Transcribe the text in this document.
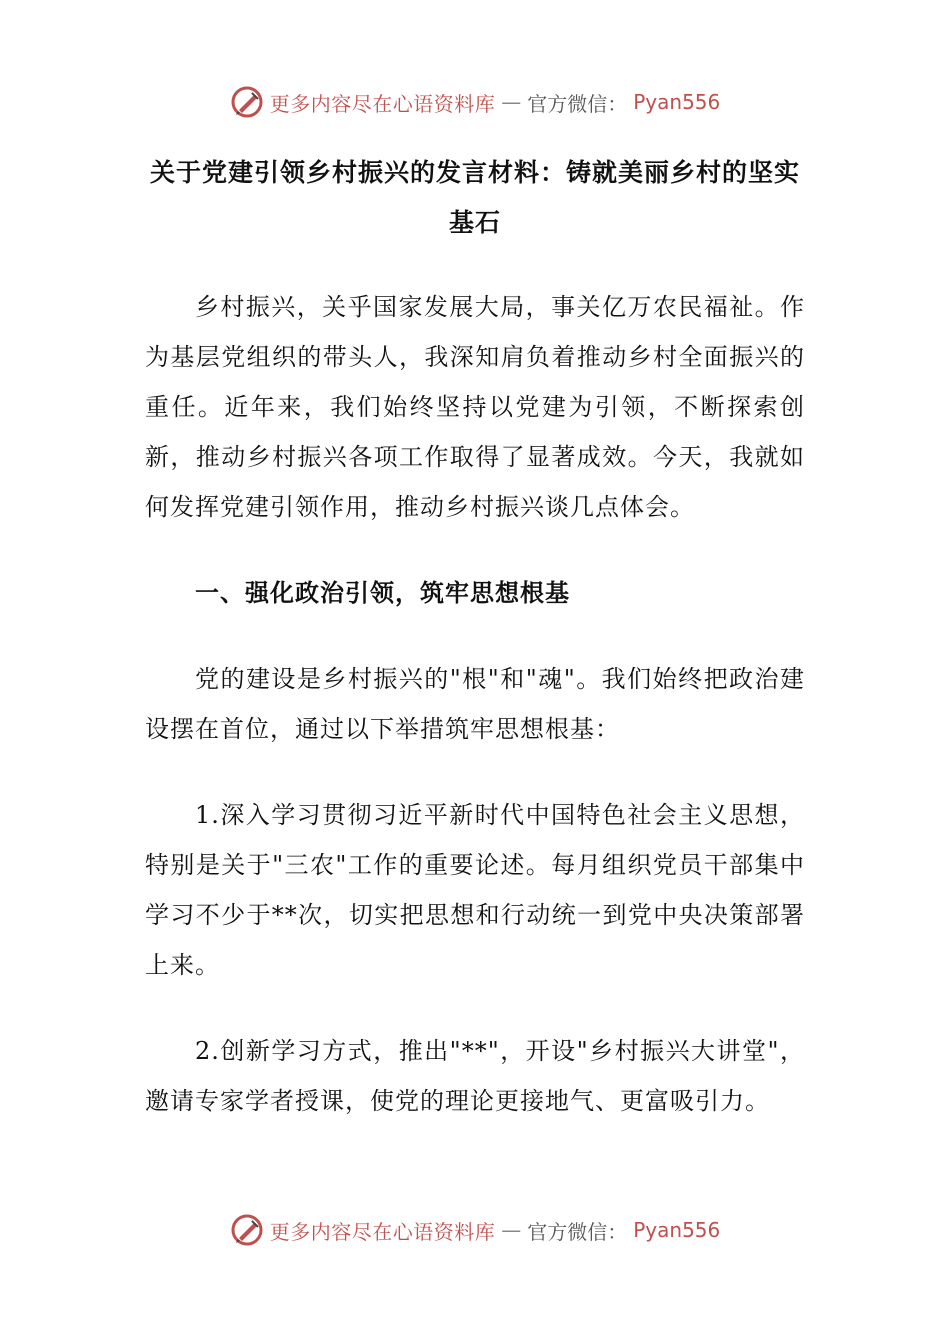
更多内容尽在心语资料库 — 官方微信： Pyan556
关于党建引领乡村振兴的发言材料：铸就美丽乡村的坚实基石

乡村振兴，关乎国家发展大局，事关亿万农民福祉。作为基层党组织的带头人，我深知肩负着推动乡村全面振兴的重任。近年来，我们始终坚持以党建为引领，不断探索创新，推动乡村振兴各项工作取得了显著成效。今天，我就如何发挥党建引领作用，推动乡村振兴谈几点体会。

一、强化政治引领，筑牢思想根基

党的建设是乡村振兴的"根"和"魂"。我们始终把政治建设摆在首位，通过以下举措筑牢思想根基：

1.深入学习贯彻习近平新时代中国特色社会主义思想，特别是关于"三农"工作的重要论述。每月组织党员干部集中学习不少于**次，切实把思想和行动统一到党中央决策部署上来。

2.创新学习方式，推出"**"，开设"乡村振兴大讲堂"，邀请专家学者授课，使党的理论更接地气、更富吸引力。

更多内容尽在心语资料库 — 官方微信： Pyan556
